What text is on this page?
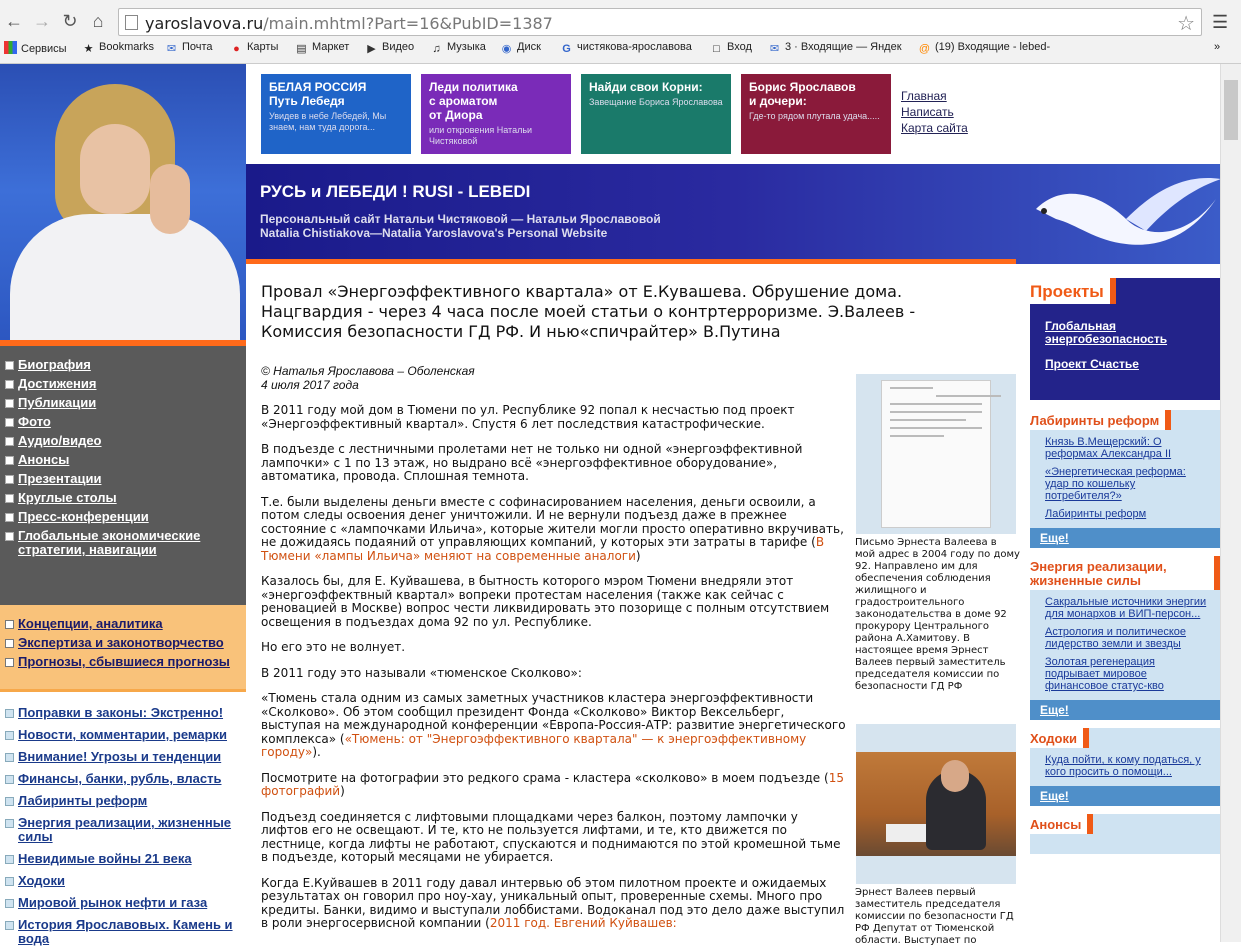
← → ↻ ⌂	yaroslavova.ru/main.mhtml?Part=16&PubID=1387	☆ ☰
Сервисы ★ Bookmarks ✉ Почта ● Карты ▤ Маркет ▶ Видео ♫ Музыка ◉ Диск G чистякова-ярославова □ Вход ✉ 3 · Входящие — Яндек @ (19) Входящие - lebed-	»
Биография
Достижения
Публикации
Фото
Аудио/видео
Анонсы
Презентации
Круглые столы
Пресс-конференции
Глобальные экономические стратегии, навигации
Концепции, аналитика
Экспертиза и законотворчество
Прогнозы, сбывшиеся прогнозы
Поправки в законы: Экстренно!
Новости, комментарии, ремарки
Внимание! Угрозы и тенденции
Финансы, банки, рубль, власть
Лабиринты реформ
Энергия реализации, жизненные силы
Невидимые войны 21 века
Ходоки
Мировой рынок нефти и газа
История Ярославовых. Камень и вода
БЕЛАЯ РОССИЯ
Путь Лебедя
Увидев в небе Лебедей, Мы знаем, нам туда дорога...
Леди политика
с ароматом
от Диора
или откровения Натальи Чистяковой
Найди свои Корни:
Завещание Бориса Ярославова
Борис Ярославов
и дочери:
Где-то рядом плутала удача.....
Главная
Написать
Карта сайта
РУСЬ и ЛЕБЕДИ ! RUSI - LEBEDI
Персональный сайт Натальи Чистяковой — Натальи Ярославовой
Natalia Chistiakova—Natalia Yaroslavova's Personal Website
Провал «Энергоэффективного квартала» от Е.Кувашева. Обрушение дома. Нацгвардия - через 4 часа после моей статьи о контртерроризме. Э.Валеев - Комиссия безопасности ГД РФ. И нью«спичрайтер» В.Путина
© Наталья Ярославова – Оболенская
4 июля 2017 года

В 2011 году мой дом в Тюмени по ул. Республике 92 попал к несчастью под проект «Энергоэффективный квартал». Спустя 6 лет последствия катастрофические.

В подъезде с лестничными пролетами нет не только ни одной «энергоэффективной лампочки» с 1 по 13 этаж, но выдрано всё «энергоэффективное оборудование», автоматика, провода. Сплошная темнота.

Т.е. были выделены деньги вместе с софинасированием населения, деньги освоили, а потом следы освоения денег уничтожили. И не вернули подъезд даже в прежнее состояние с «лампочками Ильича», которые жители могли просто оперативно вкручивать, не дожидаясь подаяний от управляющих компаний, у которых эти затраты в тарифе (В Тюмени «лампы Ильича» меняют на современные аналоги)

Казалось бы, для Е. Куйвашева, в бытность которого мэром Тюмени внедряли этот «энергоэффектвный квартал» вопреки протестам населения (также как сейчас с реновацией в Москве) вопрос чести ликвидировать это позорище с полным отсутствием освещения в подъездах дома 92 по ул. Республике.

Но его это не волнует.

В 2011 году это называли «тюменское Сколково»:

«Тюмень стала одним из самых заметных участников кластера энергоэффективности «Сколково». Об этом сообщил президент Фонда «Сколково» Виктор Вексельберг, выступая на международной конференции «Европа-Россия-АТР: развитие энергетического комплекса» («Тюмень: от "Энергоэффективного квартала" — к энергоэффективному городу»).

Посмотрите на фотографии это редкого срама - кластера «сколково» в моем подъезде (15 фотографий)

Подъезд соединяется с лифтовыми площадками через балкон, поэтому лампочки у лифтов его не освещают. И те, кто не пользуется лифтами, и те, кто движется по лестнице, когда лифты не работают, спускаются и поднимаются по этой кромешной тьме в подъезде, который месяцами не убирается.

Когда Е.Куйвашев в 2011 году давал интервью об этом пилотном проекте и ожидаемых результатах он говорил про ноу-хау, уникальный опыт, проверенные схемы. Много про кредиты. Банки, видимо и выступали лоббистами. Водоканал под это дело даже выступил в роли энергосервисной компании (2011 год. Евгений Куйвашев:

Письмо Эрнеста Валеева в мой адрес в 2004 году по дому 92. Направлено им для обеспечения соблюдения жилищного и градостроительного законодательства в доме 92 прокурору Центрального района А.Хамитову. В настоящее время Эрнест Валеев первый заместитель председателя комиссии по безопасности ГД РФ
Эрнест Валеев первый заместитель председателя комиссии по безопасности ГД РФ Депутат от Тюменской области. Выступает по
Проекты
Глобальная энергобезопасность
Проект Счастье
Лабиринты реформ
Князь В.Мещерский: О реформах Александра II
«Энергетическая реформа: удар по кошельку потребителя?»
Лабиринты реформ
Еще!
Энергия реализации, жизненные силы
Сакральные источники энергии для монархов и ВИП-персон...
Астрология и политическое лидерство земли и звезды
Золотая регенерация подрывает мировое финансовое статус-кво
Еще!
Ходоки
Куда пойти, к кому податься, у кого просить о помощи...
Еще!
Анонсы
